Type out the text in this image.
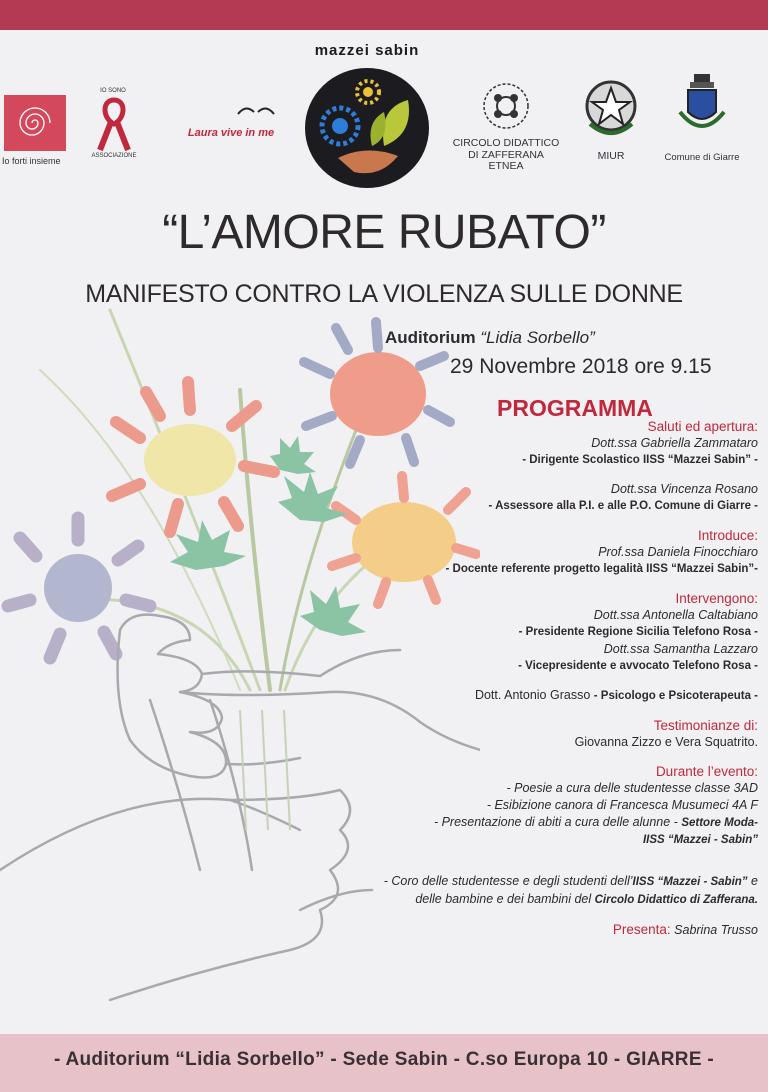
Io forti insieme
IO SONO
ASSOCIAZIONE
Laura vive in me
mazzei sabin
CIRCOLO DIDATTICO
DI ZAFFERANA ETNEA
MIUR	Comune di Giarre
“L’AMORE RUBATO”
MANIFESTO CONTRO LA VIOLENZA SULLE DONNE
Auditorium “Lidia Sorbello”
29 Novembre 2018 ore 9.15
PROGRAMMA
Saluti ed apertura:
Dott.ssa Gabriella Zammataro
- Dirigente Scolastico IISS “Mazzei Sabin” -
Dott.ssa Vincenza Rosano
- Assessore alla P.I. e alle P.O. Comune di Giarre -
Introduce:
Prof.ssa Daniela Finocchiaro
- Docente referente progetto legalità IISS “Mazzei Sabin”-
Intervengono:
Dott.ssa Antonella Caltabiano
- Presidente Regione Sicilia Telefono Rosa -
Dott.ssa Samantha Lazzaro
- Vicepresidente e avvocato Telefono Rosa -
Dott. Antonio Grasso - Psicologo e Psicoterapeuta -
Testimonianze di:
Giovanna Zizzo e Vera Squatrito.
Durante l’evento:
- Poesie a cura delle studentesse classe 3AD
- Esibizione canora di Francesca Musumeci 4A F
- Presentazione di abiti a cura delle alunne - Settore Moda-
IISS “Mazzei - Sabin”
- Coro delle studentesse e degli studenti dell’IISS “Mazzei - Sabin” e
delle bambine e dei bambini del Circolo Didattico di Zafferana.
Presenta: Sabrina Trusso
- Auditorium “Lidia Sorbello” - Sede Sabin - C.so Europa 10 - GIARRE -
